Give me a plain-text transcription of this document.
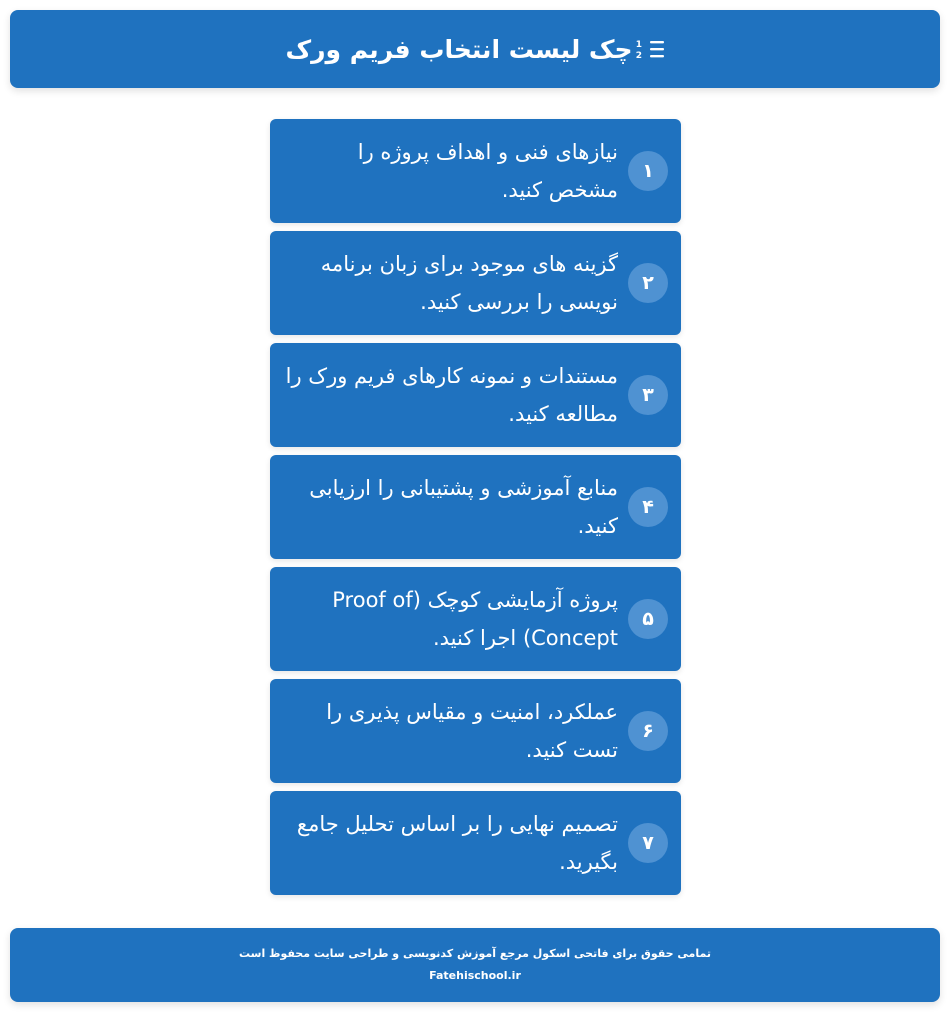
1
2
چک لیست انتخاب فریم ورک
۱
نیازهای فنی و اهداف پروژه را مشخص کنید.
۲
گزینه های موجود برای زبان برنامه نویسی را بررسی کنید.
۳
مستندات و نمونه کارهای فریم ورک را مطالعه کنید.
۴
منابع آموزشی و پشتیبانی را ارزیابی کنید.
۵
پروژه آزمایشی کوچک (Proof of Concept) اجرا کنید.
۶
عملکرد، امنیت و مقیاس پذیری را تست کنید.
۷
تصمیم نهایی را بر اساس تحلیل جامع بگیرید.
تمامی حقوق برای فاتحی اسکول مرجع آموزش کدنویسی و طراحی سایت محفوظ است
Fatehischool.ir
